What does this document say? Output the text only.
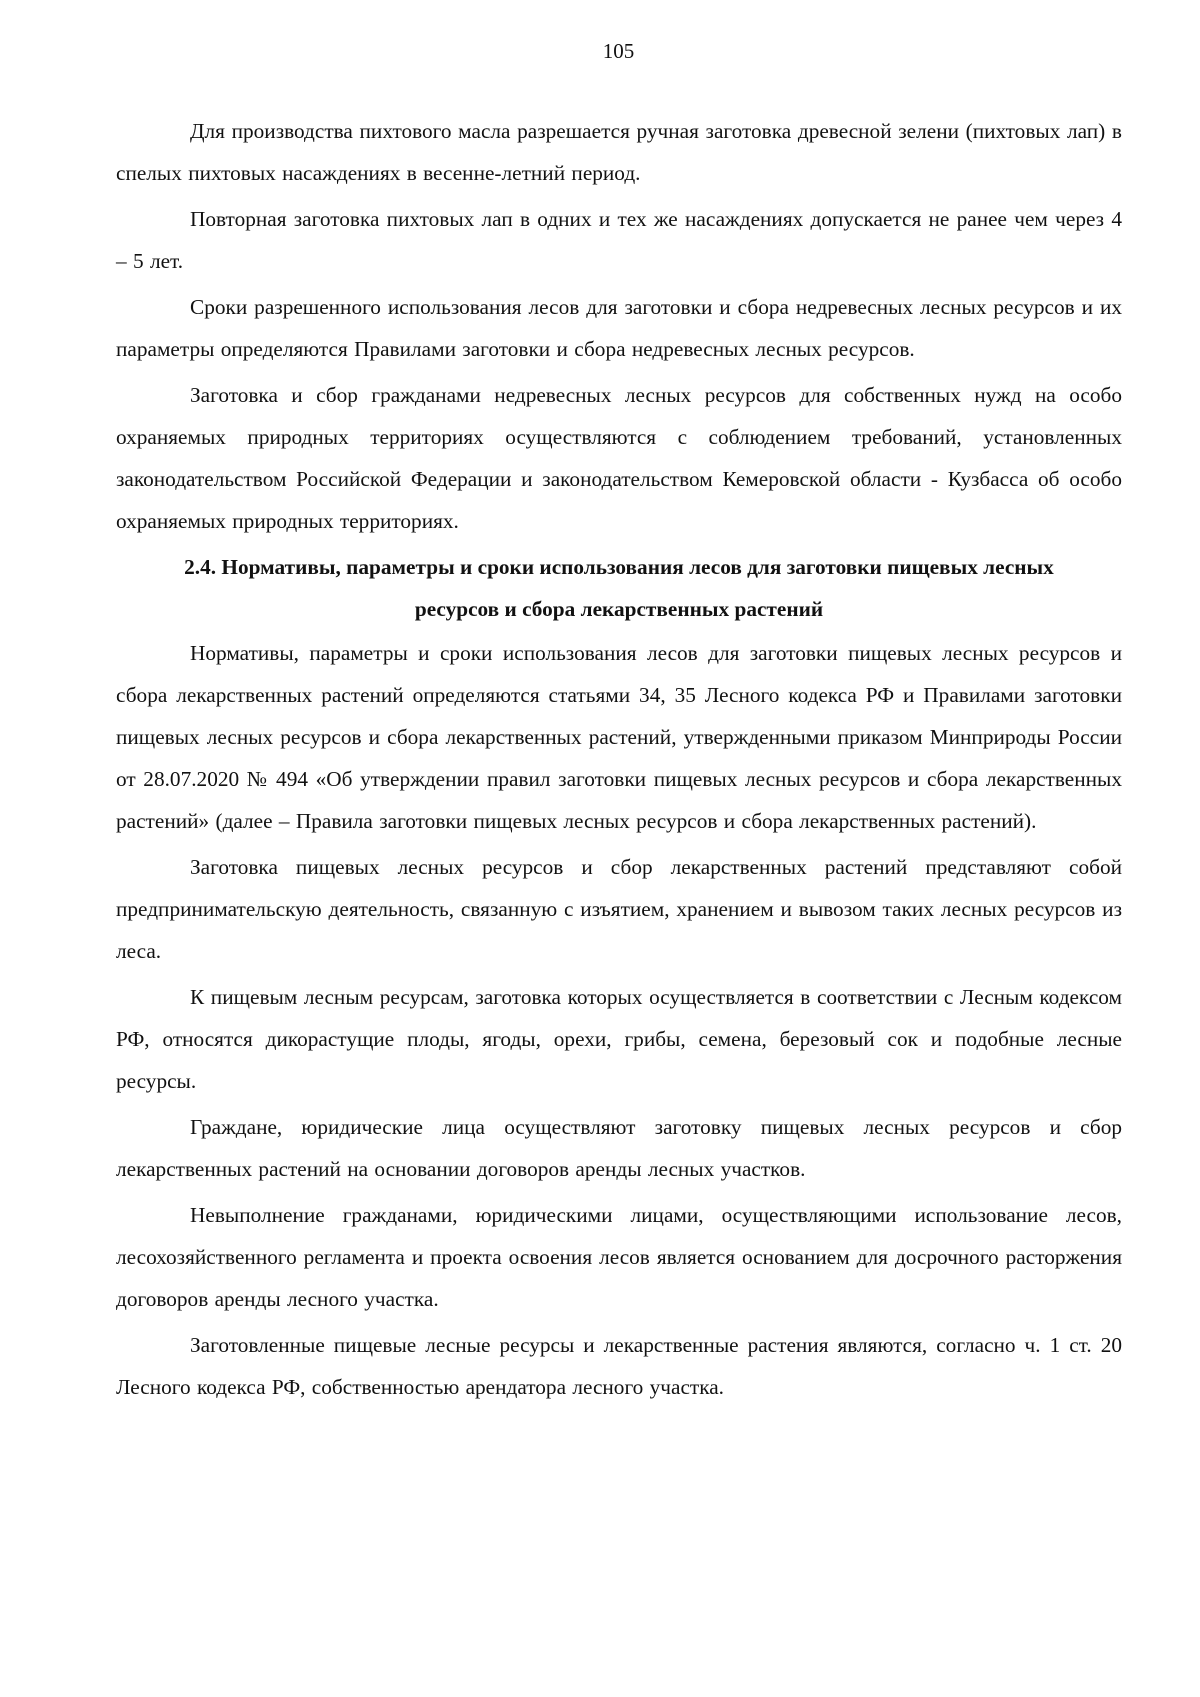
105

Для производства пихтового масла разрешается ручная заготовка древесной зелени (пихтовых лап) в спелых пихтовых насаждениях в весенне-летний период.

Повторная заготовка пихтовых лап в одних и тех же насаждениях допускается не ранее чем через 4 – 5 лет.

Сроки разрешенного использования лесов для заготовки и сбора недревесных лесных ресурсов и их параметры определяются Правилами заготовки и сбора недревесных лесных ресурсов.

Заготовка и сбор гражданами недревесных лесных ресурсов для собственных нужд на особо охраняемых природных территориях осуществляются с соблюдением требований, установленных законодательством Российской Федерации и законодательством Кемеровской области - Кузбасса об особо охраняемых природных территориях.

2.4. Нормативы, параметры и сроки использования лесов для заготовки пищевых лесных
ресурсов и сбора лекарственных растений

Нормативы, параметры и сроки использования лесов для заготовки пищевых лесных ресурсов и сбора лекарственных растений определяются статьями 34, 35 Лесного кодекса РФ и Правилами заготовки пищевых лесных ресурсов и сбора лекарственных растений, утвержденными приказом Минприроды России от 28.07.2020 № 494 «Об утверждении правил заготовки пищевых лесных ресурсов и сбора лекарственных растений» (далее – Правила заготовки пищевых лесных ресурсов и сбора лекарственных растений).

Заготовка пищевых лесных ресурсов и сбор лекарственных растений представляют собой предпринимательскую деятельность, связанную с изъятием, хранением и вывозом таких лесных ресурсов из леса.

К пищевым лесным ресурсам, заготовка которых осуществляется в соответствии с Лесным кодексом РФ, относятся дикорастущие плоды, ягоды, орехи, грибы, семена, березовый сок и подобные лесные ресурсы.

Граждане, юридические лица осуществляют заготовку пищевых лесных ресурсов и сбор лекарственных растений на основании договоров аренды лесных участков.

Невыполнение гражданами, юридическими лицами, осуществляющими использование лесов, лесохозяйственного регламента и проекта освоения лесов является основанием для досрочного расторжения договоров аренды лесного участка.

Заготовленные пищевые лесные ресурсы и лекарственные растения являются, согласно ч. 1 ст. 20 Лесного кодекса РФ, собственностью арендатора лесного участка.
